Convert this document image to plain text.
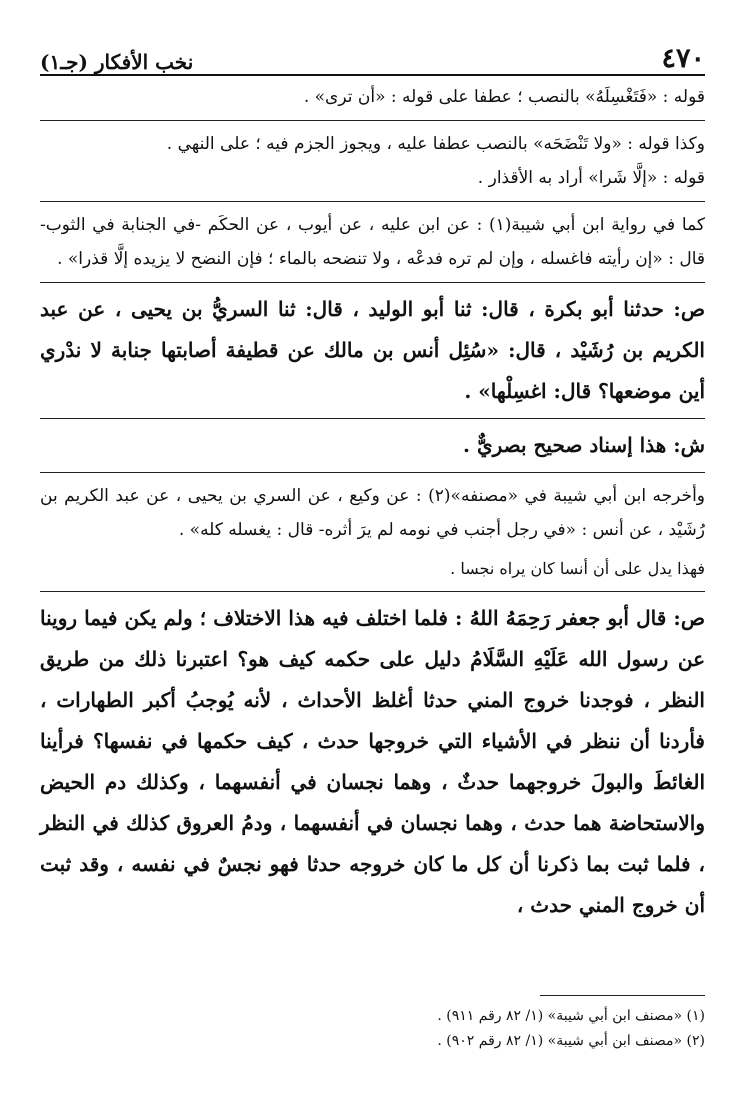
٤٧٠
نخب الأفكار (جـ١)

قوله : «فَتَغْسِلَهُ» بالنصب ؛ عطفا على قوله : «أن ترى» .

وكذا قوله : «ولا تَنْضَحَه» بالنصب عطفا عليه ، ويجوز الجزم فيه ؛ على النهي .

قوله : «إلَّا شَرا» أراد به الأقذار .

كما في رواية ابن أبي شيبة(١) : عن ابن عليه ، عن أيوب ، عن الحكَم -في الجنابة في الثوب- قال : «إن رأيته فاغسله ، وإن لم تره فدعْه ، ولا تنضحه بالماء ؛ فإن النضح لا يزيده إلَّا قذرا» .

ص: حدثنا أبو بكرة ، قال: ثنا أبو الوليد ، قال: ثنا السريُّ بن يحيى ، عن عبد الكريم بن رُشَيْد ، قال: «سُئِل أنس بن مالك عن قطيفة أصابتها جنابة لا ندْري أين موضعها؟ قال: اغسِلْها» .

ش: هذا إسناد صحيح بصريٌّ .

وأخرجه ابن أبي شيبة في «مصنفه»(٢) : عن وكيع ، عن السري بن يحيى ، عن عبد الكريم بن رُشَيْد ، عن أنس : «في رجل أجنب في نومه لم يرَ أثره- قال : يغسله كله» .

فهذا يدل على أن أنسا كان يراه نجسا .

ص: قال أبو جعفر رَحِمَهُ اللهُ : فلما اختلف فيه هذا الاختلاف ؛ ولم يكن فيما روينا عن رسول الله عَلَيْهِ السَّلَامُ دليل على حكمه كيف هو؟ اعتبرنا ذلك من طريق النظر ، فوجدنا خروج المني حدثا أغلظ الأحداث ، لأنه يُوجبُ أكبر الطهارات ، فأردنا أن ننظر في الأشياء التي خروجها حدث ، كيف حكمها في نفسها؟ فرأينا الغائطَ والبولَ خروجهما حدثٌ ، وهما نجسان في أنفسهما ، وكذلك دم الحيض والاستحاضة هما حدث ، وهما نجسان في أنفسهما ، ودمُ العروق كذلك في النظر ، فلما ثبت بما ذكرنا أن كل ما كان خروجه حدثا فهو نجسٌ في نفسه ، وقد ثبت أن خروج المني حدث ،

(١) «مصنف ابن أبي شيبة» (١/ ٨٢ رقم ٩١١) .

(٢) «مصنف ابن أبي شيبة» (١/ ٨٢ رقم ٩٠٢) .
